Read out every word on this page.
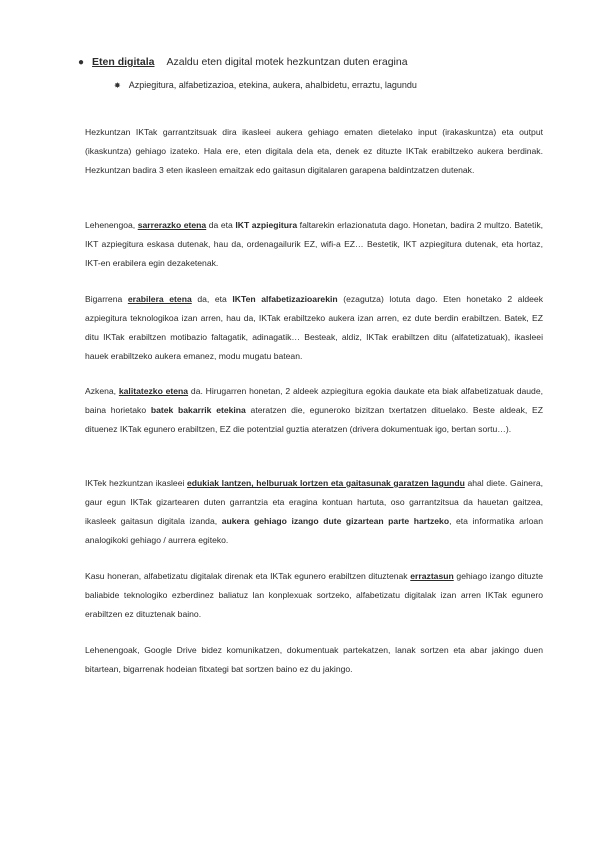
● Eten digitala Azaldu eten digital motek hezkuntzan duten eragina
✸ Azpiegitura, alfabetizazioa, etekina, aukera, ahalbidetu, erraztu, lagundu

Hezkuntzan IKTak garrantzitsuak dira ikasleei aukera gehiago ematen dietelako input (irakaskuntza) eta output (ikaskuntza) gehiago izateko. Hala ere, eten digitala dela eta, denek ez dituzte IKTak erabiltzeko aukera berdinak. Hezkuntzan badira 3 eten ikasleen emaitzak edo gaitasun digitalaren garapena baldintzatzen dutenak.

Lehenengoa, sarrerazko etena da eta IKT azpiegitura faltarekin erlazionatuta dago. Honetan, badira 2 multzo. Batetik, IKT azpiegitura eskasa dutenak, hau da, ordenagailurik EZ, wifi-a EZ… Bestetik, IKT azpiegitura dutenak, eta hortaz, IKT-en erabilera egin dezaketenak.

Bigarrena erabilera etena da, eta IKTen alfabetizazioarekin (ezagutza) lotuta dago. Eten honetako 2 aldeek azpiegitura teknologikoa izan arren, hau da, IKTak erabiltzeko aukera izan arren, ez dute berdin erabiltzen. Batek, EZ ditu IKTak erabiltzen motibazio faltagatik, adinagatik… Besteak, aldiz, IKTak erabiltzen ditu (alfatetizatuak), ikasleei hauek erabiltzeko aukera emanez, modu mugatu batean.

Azkena, kalitatezko etena da. Hirugarren honetan, 2 aldeek azpiegitura egokia daukate eta biak alfabetizatuak daude, baina horietako batek bakarrik etekina ateratzen die, eguneroko bizitzan txertatzen dituelako. Beste aldeak, EZ dituenez IKTak egunero erabiltzen, EZ die potentzial guztia ateratzen (drivera dokumentuak igo, bertan sortu…).

IKTek hezkuntzan ikasleei edukiak lantzen, helburuak lortzen eta gaitasunak garatzen lagundu ahal diete. Gainera, gaur egun IKTak gizartearen duten garrantzia eta eragina kontuan hartuta, oso garrantzitsua da hauetan gaitzea, ikasleek gaitasun digitala izanda, aukera gehiago izango dute gizartean parte hartzeko, eta informatika arloan analogikoki gehiago / aurrera egiteko.

Kasu honeran, alfabetizatu digitalak direnak eta IKTak egunero erabiltzen dituztenak erraztasun gehiago izango dituzte baliabide teknologiko ezberdinez baliatuz lan konplexuak sortzeko, alfabetizatu digitalak izan arren IKTak egunero erabiltzen ez dituztenak baino.

Lehenengoak, Google Drive bidez komunikatzen, dokumentuak partekatzen, lanak sortzen eta abar jakingo duen bitartean, bigarrenak hodeian fitxategi bat sortzen baino ez du jakingo.
